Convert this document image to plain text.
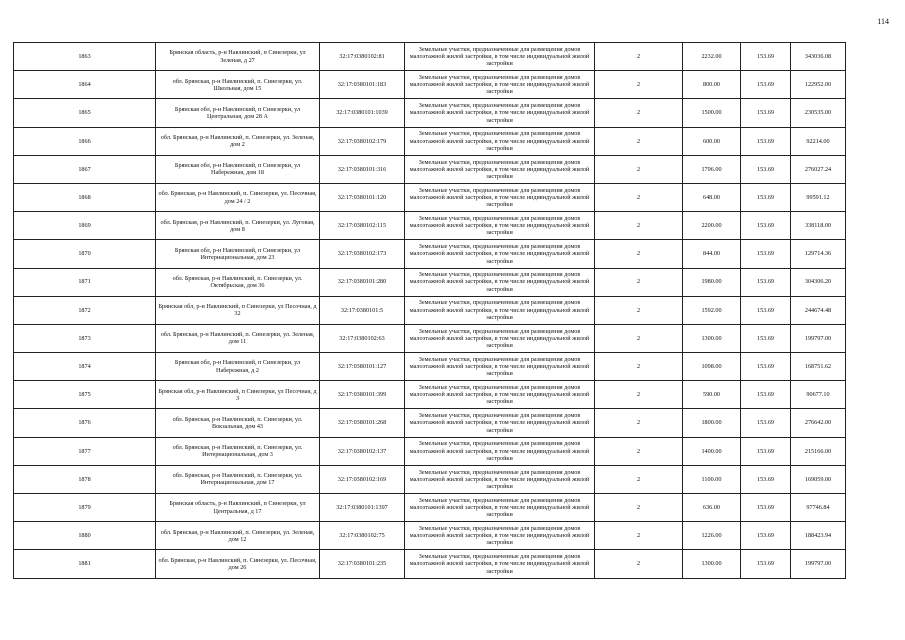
114
1863	Брянская область, р-н Навлинский, п Синезерки, ул Зеленая, д 27	32:17:0380102:81	Земельные участки, предназначенные для размещения домов малоэтажной жилой застройки, в том числе индивидуальной жилой застройки	2	2232.00	153.69	343036.08
1864	обл. Брянская, р-н Навлинский, п. Синезерки, ул. Школьная, дом 15	32:17:0380101:183	Земельные участки, предназначенные для размещения домов малоэтажной жилой застройки, в том числе индивидуальной жилой застройки	2	800.00	153.69	122952.00
1865	Брянская обл, р-н Навлинский, п Синезерки, ул Центральная, дом 28 А	32:17:0380101:1039	Земельные участки, предназначенные для размещения домов малоэтажной жилой застройки, в том числе индивидуальной жилой застройки	2	1500.00	153.69	230535.00
1866	обл. Брянская, р-н Навлинский, п. Синезерки, ул. Зеленая, дом 2	32:17:0380102:179	Земельные участки, предназначенные для размещения домов малоэтажной жилой застройки, в том числе индивидуальной жилой застройки	2	600.00	153.69	92214.00
1867	Брянская обл, р-н Навлинский, п Синезерки, ул Набережная, дом 18	32:17:0380101:316	Земельные участки, предназначенные для размещения домов малоэтажной жилой застройки, в том числе индивидуальной жилой застройки	2	1796.00	153.69	276027.24
1868	обл. Брянская, р-н Навлинский, п. Синезерки, ул. Песочная, дом 24 / 2	32:17:0380101:120	Земельные участки, предназначенные для размещения домов малоэтажной жилой застройки, в том числе индивидуальной жилой застройки	2	648.00	153.69	99591.12
1869	обл. Брянская, р-н Навлинский, п. Синезерки, ул. Луговая, дом 8	32:17:0380102:115	Земельные участки, предназначенные для размещения домов малоэтажной жилой застройки, в том числе индивидуальной жилой застройки	2	2200.00	153.69	338118.00
1870	Брянская обл, р-н Навлинский, п Синезерки, ул Интернациональная, дом 23	32:17:0380102:173	Земельные участки, предназначенные для размещения домов малоэтажной жилой застройки, в том числе индивидуальной жилой застройки	2	844.00	153.69	129714.36
1871	обл. Брянская, р-н Навлинский, п. Синезерки, ул. Октябрьская, дом 36	32:17:0380101:280	Земельные участки, предназначенные для размещения домов малоэтажной жилой застройки, в том числе индивидуальной жилой застройки	2	1980.00	153.69	304306.20
1872	Брянская обл, р-н Навлинский, п Синезерки, ул Песочная, д 32	32:17:0380101:5	Земельные участки, предназначенные для размещения домов малоэтажной жилой застройки, в том числе индивидуальной жилой застройки	2	1592.00	153.69	244674.48
1873	обл. Брянская, р-н Навлинский, п. Синезерки, ул. Зеленая, дом 11	32:17:0380102:63	Земельные участки, предназначенные для размещения домов малоэтажной жилой застройки, в том числе индивидуальной жилой застройки	2	1300.00	153.69	199797.00
1874	Брянская обл, р-н Навлинский, п Синезерки, ул Набережная, д 2	32:17:0380101:127	Земельные участки, предназначенные для размещения домов малоэтажной жилой застройки, в том числе индивидуальной жилой застройки	2	1098.00	153.69	168751.62
1875	Брянская обл, р-н Навлинский, п Синезерки, ул Песочная, д 3	32:17:0380101:399	Земельные участки, предназначенные для размещения домов малоэтажной жилой застройки, в том числе индивидуальной жилой застройки	2	590.00	153.69	90677.10
1876	обл. Брянская, р-н Навлинский, п. Синезерки, ул. Вокзальная, дом 43	32:17:0380101:268	Земельные участки, предназначенные для размещения домов малоэтажной жилой застройки, в том числе индивидуальной жилой застройки	2	1800.00	153.69	276642.00
1877	обл. Брянская, р-н Навлинский, п. Синезерки, ул. Интернациональная, дом 3	32:17:0380102:137	Земельные участки, предназначенные для размещения домов малоэтажной жилой застройки, в том числе индивидуальной жилой застройки	2	1400.00	153.69	215166.00
1878	обл. Брянская, р-н Навлинский, п. Синезерки, ул. Интернациональная, дом 17	32:17:0380102:169	Земельные участки, предназначенные для размещения домов малоэтажной жилой застройки, в том числе индивидуальной жилой застройки	2	1100.00	153.69	169059.00
1879	Брянская область, р-н Навлинский, п Синезерки, ул Центральная, д 17	32:17:0380101:1397	Земельные участки, предназначенные для размещения домов малоэтажной жилой застройки, в том числе индивидуальной жилой застройки	2	636.00	153.69	97746.84
1880	обл. Брянская, р-н Навлинский, п. Синезерки, ул. Зеленая, дом 12	32:17:0380102:75	Земельные участки, предназначенные для размещения домов малоэтажной жилой застройки, в том числе индивидуальной жилой застройки	2	1226.00	153.69	188423.94
1881	обл. Брянская, р-н Навлинский, п. Синезерки, ул. Песочная, дом 26	32:17:0380101:235	Земельные участки, предназначенные для размещения домов малоэтажной жилой застройки, в том числе индивидуальной жилой застройки	2	1300.00	153.69	199797.00
